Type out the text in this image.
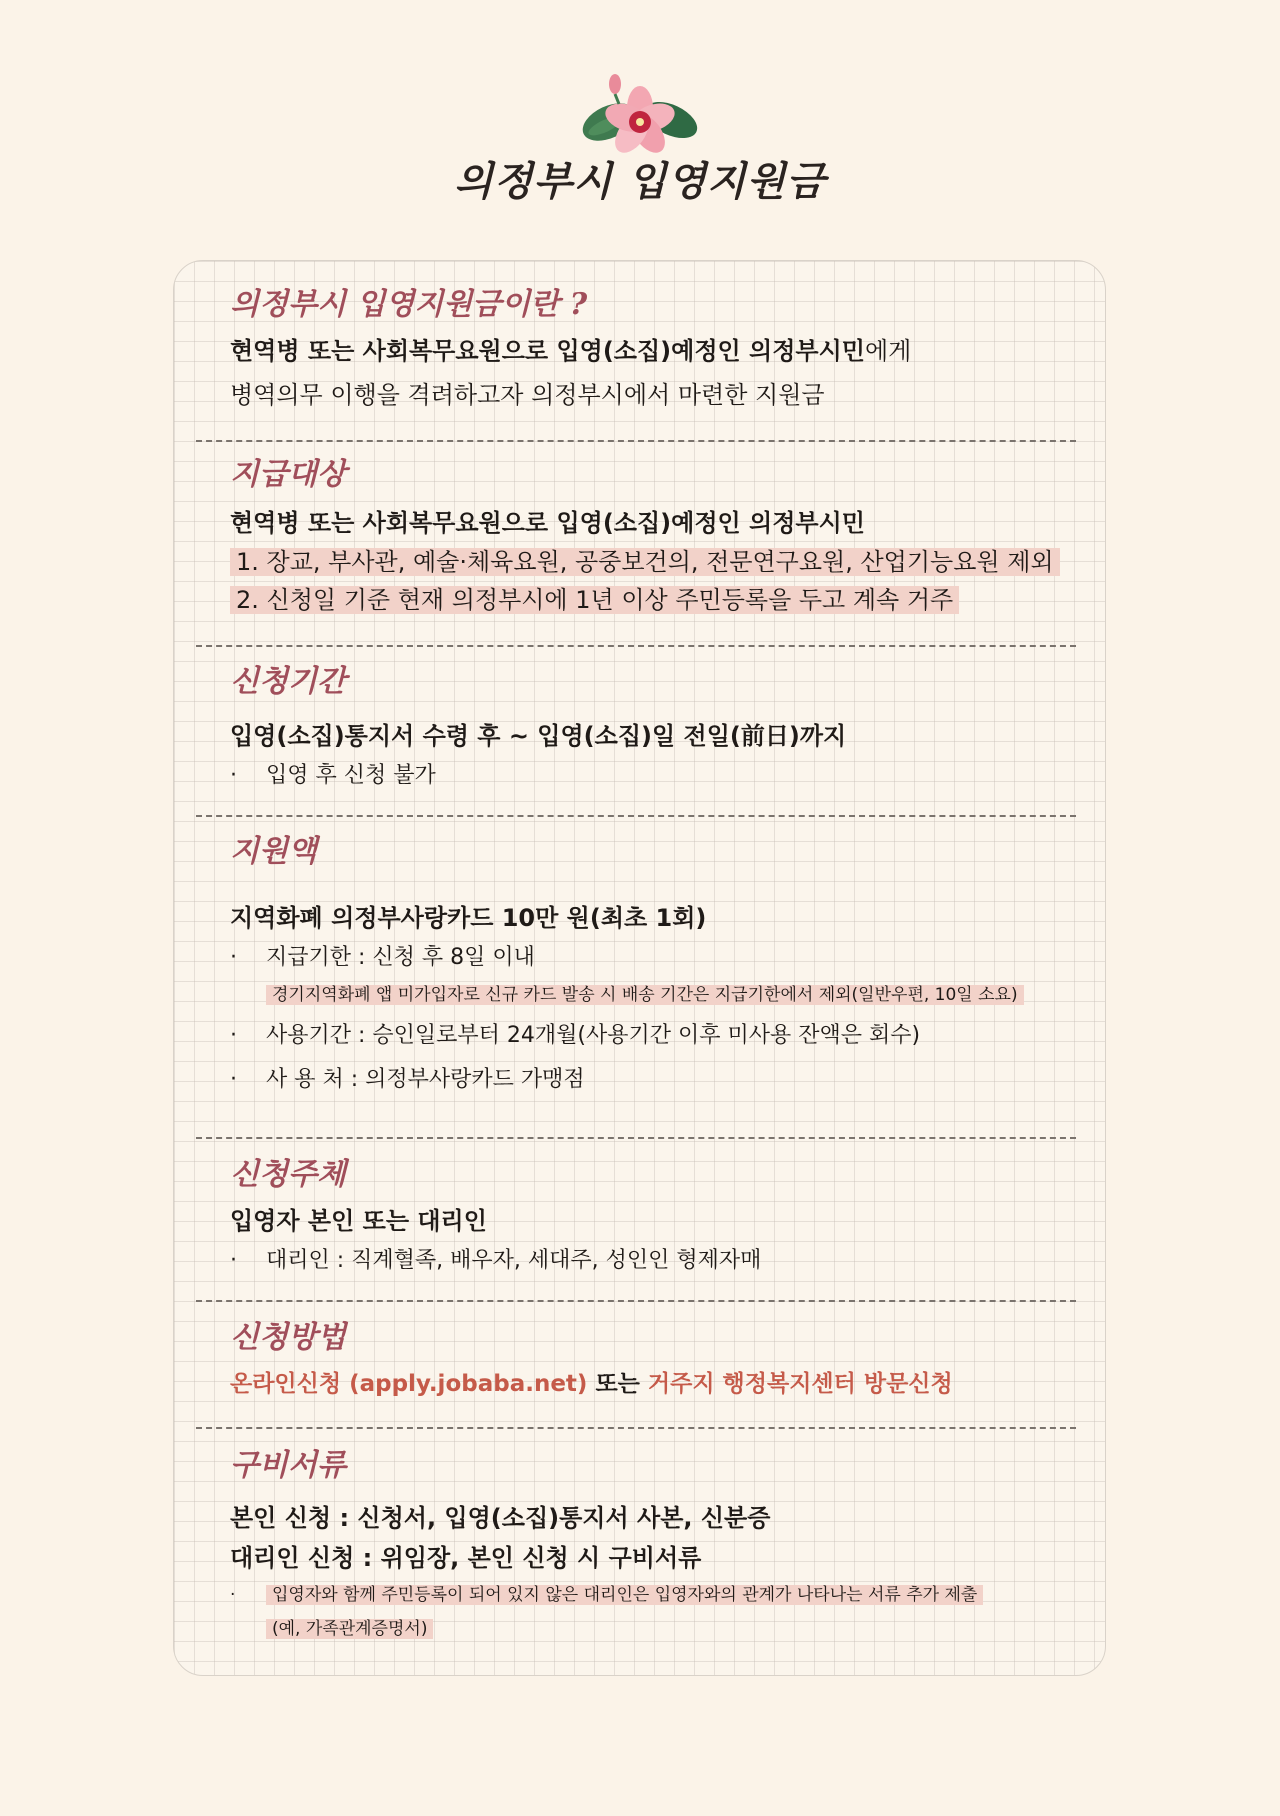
의정부시 입영지원금

의정부시 입영지원금이란 ?

현역병 또는 사회복무요원으로 입영(소집)예정인 의정부시민에게

병역의무 이행을 격려하고자 의정부시에서 마련한 지원금

지급대상

현역병 또는 사회복무요원으로 입영(소집)예정인 의정부시민

1. 장교, 부사관, 예술·체육요원, 공중보건의, 전문연구요원, 산업기능요원 제외

2. 신청일 기준 현재 의정부시에 1년 이상 주민등록을 두고 계속 거주

신청기간

입영(소집)통지서 수령 후 ~ 입영(소집)일 전일(前日)까지

· 입영 후 신청 불가

지원액

지역화폐 의정부사랑카드 10만 원(최초 1회)

· 지급기한 : 신청 후 8일 이내

경기지역화폐 앱 미가입자로 신규 카드 발송 시 배송 기간은 지급기한에서 제외(일반우편, 10일 소요)

· 사용기간 : 승인일로부터 24개월(사용기간 이후 미사용 잔액은 회수)

· 사 용 처 : 의정부사랑카드 가맹점

신청주체

입영자 본인 또는 대리인

· 대리인 : 직계혈족, 배우자, 세대주, 성인인 형제자매

신청방법

온라인신청 (apply.jobaba.net) 또는 거주지 행정복지센터 방문신청

구비서류

본인 신청 : 신청서, 입영(소집)통지서 사본, 신분증

대리인 신청 : 위임장, 본인 신청 시 구비서류

· 입영자와 함께 주민등록이 되어 있지 않은 대리인은 입영자와의 관계가 나타나는 서류 추가 제출

(예, 가족관계증명서)
